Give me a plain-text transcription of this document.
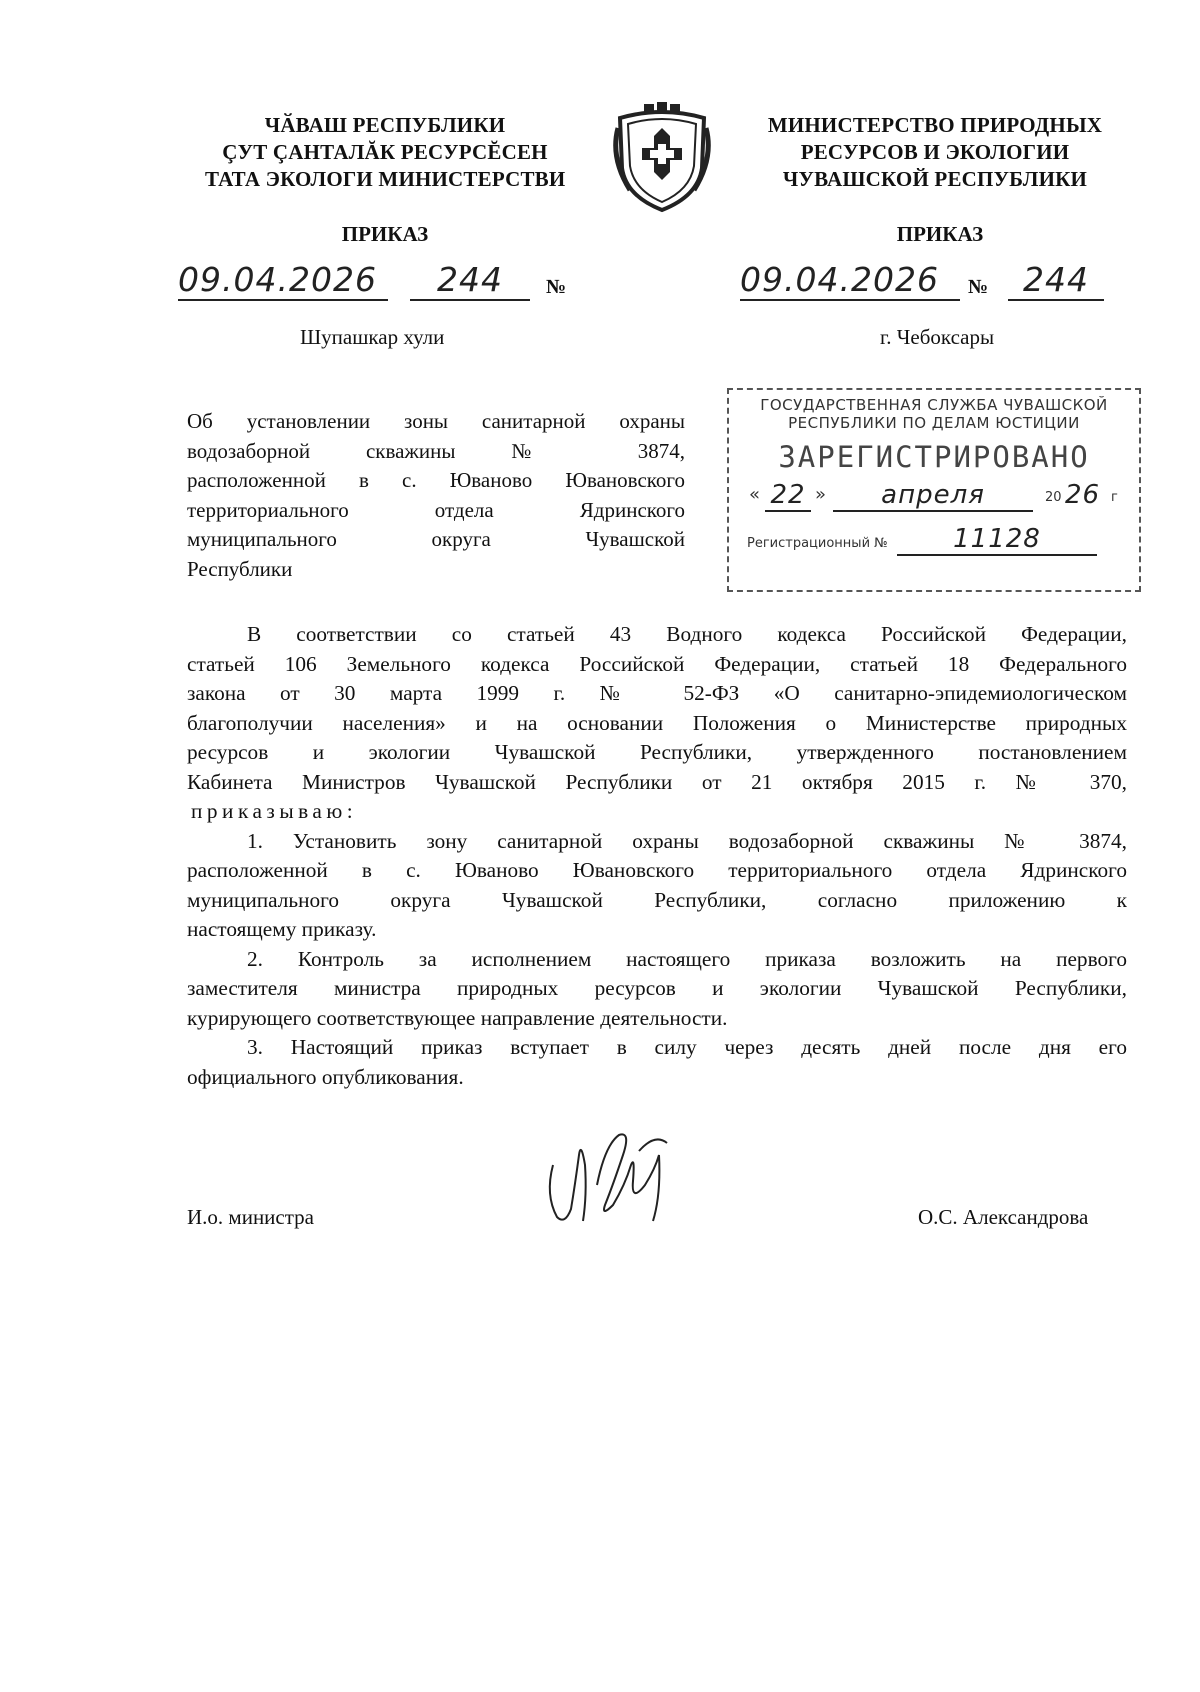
ЧӐВАШ РЕСПУБЛИКИ
ÇУТ ÇАНТАЛĂК РЕСУРСĔСЕН
ТАТА ЭКОЛОГИ МИНИСТЕРСТВИ
МИНИСТЕРСТВО ПРИРОДНЫХ
РЕСУРСОВ И ЭКОЛОГИИ
ЧУВАШСКОЙ РЕСПУБЛИКИ
ПРИКАЗ	ПРИКАЗ
09.04.2026	244	№	09.04.2026	№	244
Шупашкар хули	г. Чебоксары
Об установлении зоны санитарной охраны
водозаборной скважины № 3874,
расположенной в с. Юваново Ювановского
территориального отдела Ядринского
муниципального округа Чувашской
Республики
ГОСУДАРСТВЕННАЯ СЛУЖБА ЧУВАШСКОЙ
РЕСПУБЛИКИ ПО ДЕЛАМ ЮСТИЦИИ
ЗАРЕГИСТРИРОВАНО
« 22 »	апреля	20 26 г
Регистрационный №	11128
В соответствии со статьей 43 Водного кодекса Российской Федерации,
статьей 106 Земельного кодекса Российской Федерации, статьей 18 Федерального
закона от 30 марта 1999 г. № 52-ФЗ «О санитарно-эпидемиологическом
благополучии населения» и на основании Положения о Министерстве природных
ресурсов и экологии Чувашской Республики, утвержденного постановлением
Кабинета Министров Чувашской Республики от 21 октября 2015 г. № 370,
приказываю:
1. Установить зону санитарной охраны водозаборной скважины № 3874,
расположенной в с. Юваново Ювановского территориального отдела Ядринского
муниципального округа Чувашской Республики, согласно приложению к
настоящему приказу.
2. Контроль за исполнением настоящего приказа возложить на первого
заместителя министра природных ресурсов и экологии Чувашской Республики,
курирующего соответствующее направление деятельности.
3. Настоящий приказ вступает в силу через десять дней после дня его
официального опубликования.
И.о. министра	О.С. Александрова
